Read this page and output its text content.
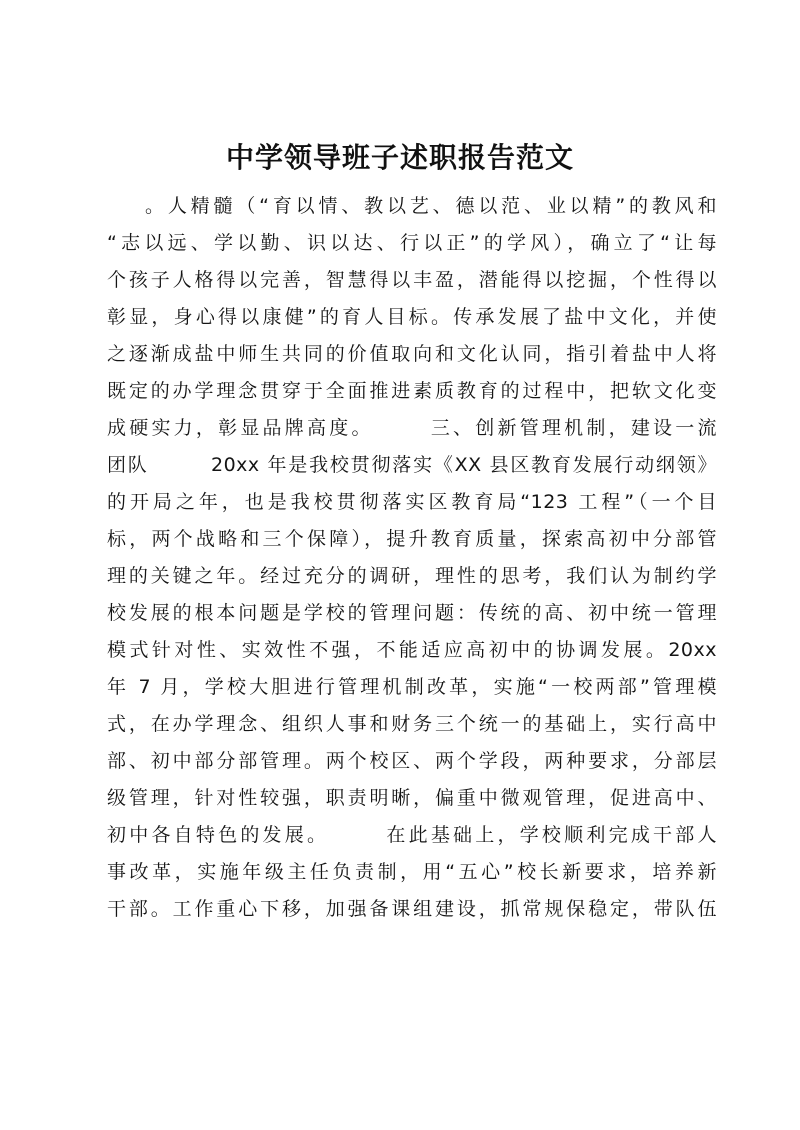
中学领导班子述职报告范文
。人精髓（“育以情、教以艺、德以范、业以精”的教风和
“志以远、学以勤、识以达、行以正”的学风），确立了“让每
个孩子人格得以完善，智慧得以丰盈，潜能得以挖掘，个性得以
彰显，身心得以康健”的育人目标。传承发展了盐中文化，并使
之逐渐成盐中师生共同的价值取向和文化认同，指引着盐中人将
既定的办学理念贯穿于全面推进素质教育的过程中，把软文化变
成硬实力，彰显品牌高度。　　　三、创新管理机制，建设一流
团队　　　20xx 年是我校贯彻落实《XX 县区教育发展行动纲领》
的开局之年，也是我校贯彻落实区教育局“123 工程”（一个目
标，两个战略和三个保障），提升教育质量，探索高初中分部管
理的关键之年。经过充分的调研，理性的思考，我们认为制约学
校发展的根本问题是学校的管理问题：传统的高、初中统一管理
模式针对性、实效性不强，不能适应高初中的协调发展。20xx
年 7 月，学校大胆进行管理机制改革，实施“一校两部”管理模
式，在办学理念、组织人事和财务三个统一的基础上，实行高中
部、初中部分部管理。两个校区、两个学段，两种要求，分部层
级管理，针对性较强，职责明晰，偏重中微观管理，促进高中、
初中各自特色的发展。　　　在此基础上，学校顺利完成干部人
事改革，实施年级主任负责制，用“五心”校长新要求，培养新
干部。工作重心下移，加强备课组建设，抓常规保稳定，带队伍
